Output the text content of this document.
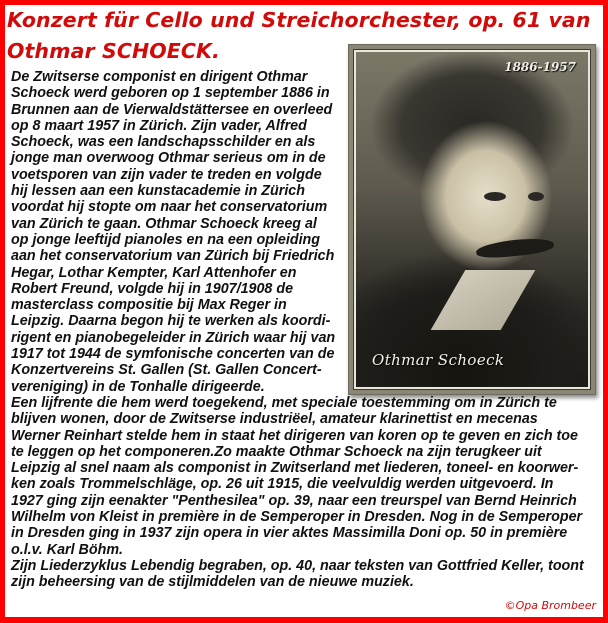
Konzert für Cello und Streichorchester, op. 61 van
Othmar SCHOECK.
1886-1957
Othmar Schoeck
De Zwitserse componist en dirigent Othmar
Schoeck werd geboren op 1 september 1886 in
Brunnen aan de Vierwaldstättersee en overleed
op 8 maart 1957 in Zürich. Zijn vader, Alfred
Schoeck, was een landschapsschilder en als
jonge man overwoog Othmar serieus om in de
voetsporen van zijn vader te treden en volgde
hij lessen aan een kunstacademie in Zürich
voordat hij stopte om naar het conservatorium
van Zürich te gaan. Othmar Schoeck kreeg al
op jonge leeftijd pianoles en na een opleiding
aan het conservatorium van Zürich bij Friedrich
Hegar, Lothar Kempter, Karl Attenhofer en
Robert Freund, volgde hij in 1907/1908 de
masterclass compositie bij Max Reger in
Leipzig. Daarna begon hij te werken als koordi-
rigent en pianobegeleider in Zürich waar hij van
1917 tot 1944 de symfonische concerten van de
Konzertvereins St. Gallen (St. Gallen Concert-
vereniging) in de Tonhalle dirigeerde.
Een lijfrente die hem werd toegekend, met speciale toestemming om in Zürich te
blijven wonen, door de Zwitserse industriëel, amateur klarinettist en mecenas
Werner Reinhart stelde hem in staat het dirigeren van koren op te geven en zich toe
te leggen op het componeren.Zo maakte Othmar Schoeck na zijn terugkeer uit
Leipzig al snel naam als componist in Zwitserland met liederen, toneel- en koorwer-
ken zoals Trommelschläge, op. 26 uit 1915, die veelvuldig werden uitgevoerd. In
1927 ging zijn eenakter "Penthesilea" op. 39, naar een treurspel van Bernd Heinrich
Wilhelm von Kleist in première in de Semperoper in Dresden. Nog in de Semperoper
in Dresden ging in 1937 zijn opera in vier aktes Massimilla Doni op. 50 in première
o.l.v. Karl Böhm.
Zijn Liederzyklus Lebendig begraben, op. 40, naar teksten van Gottfried Keller, toont
zijn beheersing van de stijlmiddelen van de nieuwe muziek.
©Opa Brombeer
